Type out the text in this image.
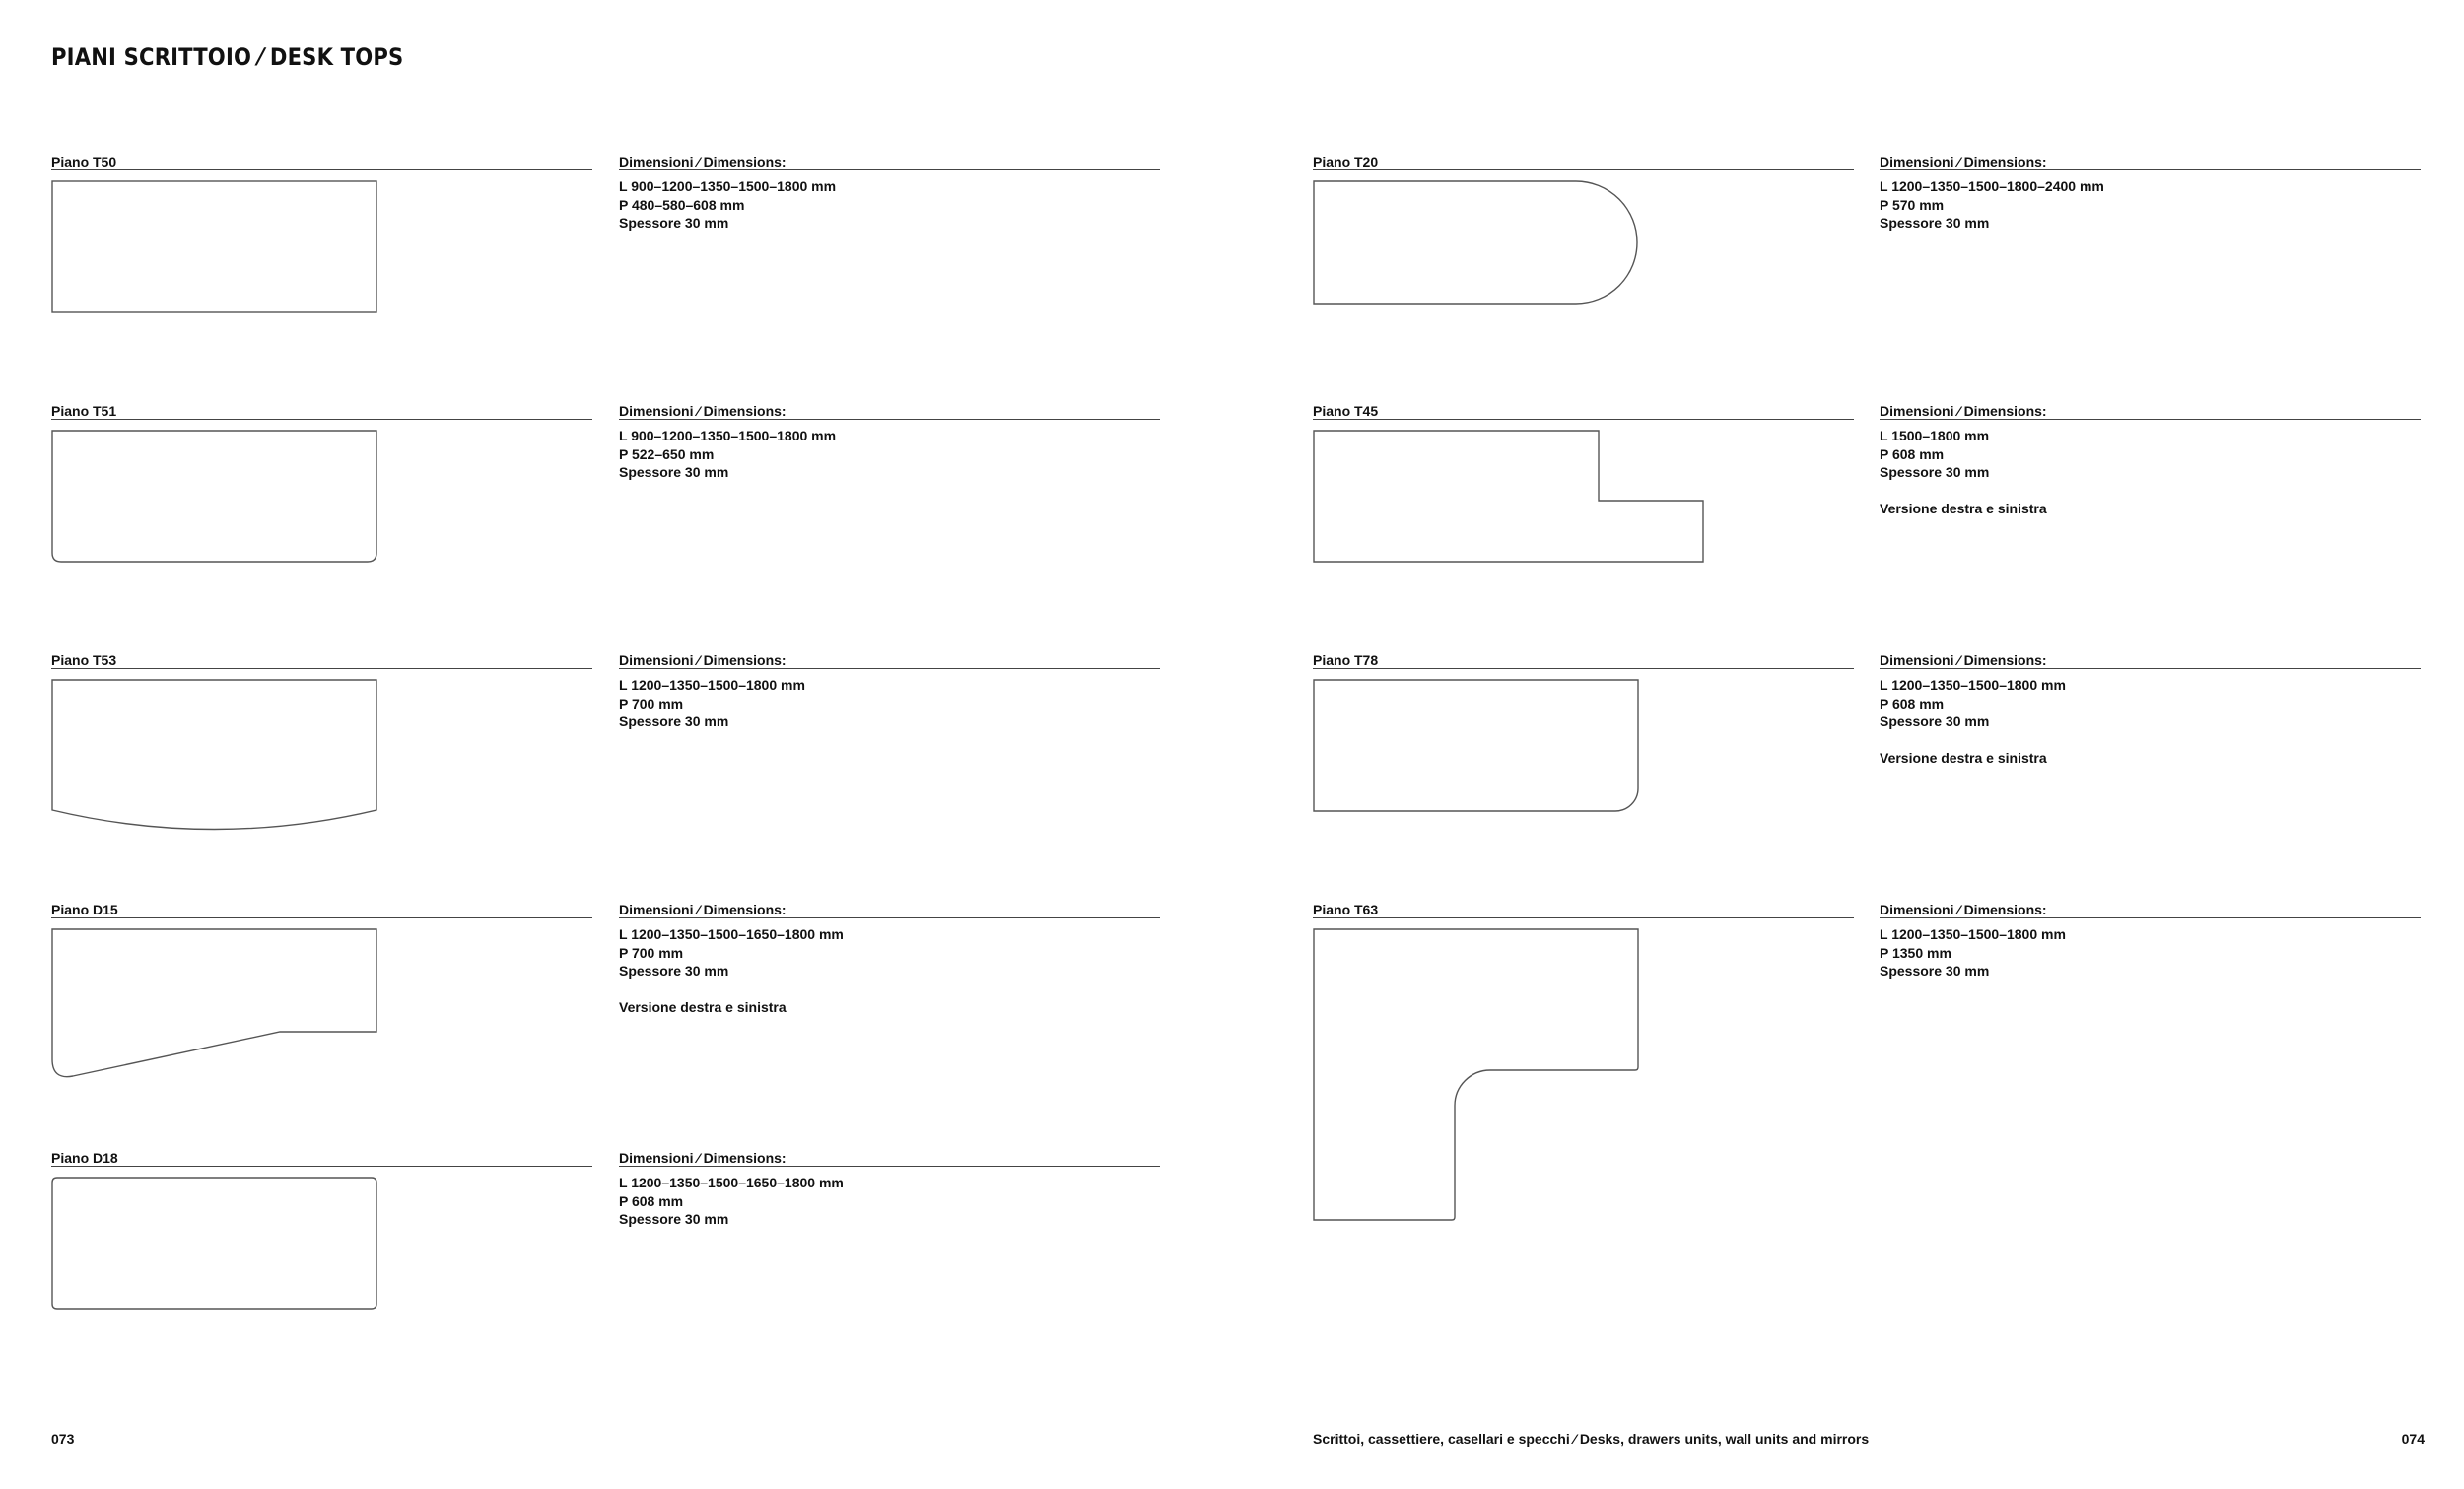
PIANI SCRITTOIO ⁄ DESK TOPS
Piano T50	Dimensioni ⁄ Dimensions:
L 900–1200–1350–1500–1800 mm
P 480–580–608 mm
Spessore 30 mm
Piano T51	Dimensioni ⁄ Dimensions:
L 900–1200–1350–1500–1800 mm
P 522–650 mm
Spessore 30 mm
Piano T53	Dimensioni ⁄ Dimensions:
L 1200–1350–1500–1800 mm
P 700 mm
Spessore 30 mm
Piano D15	Dimensioni ⁄ Dimensions:
L 1200–1350–1500–1650–1800 mm
P 700 mm
Spessore 30 mm
Versione destra e sinistra
Piano D18	Dimensioni ⁄ Dimensions:
L 1200–1350–1500–1650–1800 mm
P 608 mm
Spessore 30 mm
Piano T20	Dimensioni ⁄ Dimensions:
L 1200–1350–1500–1800–2400 mm
P 570 mm
Spessore 30 mm
Piano T45	Dimensioni ⁄ Dimensions:
L 1500–1800 mm
P 608 mm
Spessore 30 mm
Versione destra e sinistra
Piano T78	Dimensioni ⁄ Dimensions:
L 1200–1350–1500–1800 mm
P 608 mm
Spessore 30 mm
Versione destra e sinistra
Piano T63	Dimensioni ⁄ Dimensions:
L 1200–1350–1500–1800 mm
P 1350 mm
Spessore 30 mm
073	Scrittoi, cassettiere, casellari e specchi ⁄ Desks, drawers units, wall units and mirrors	074
